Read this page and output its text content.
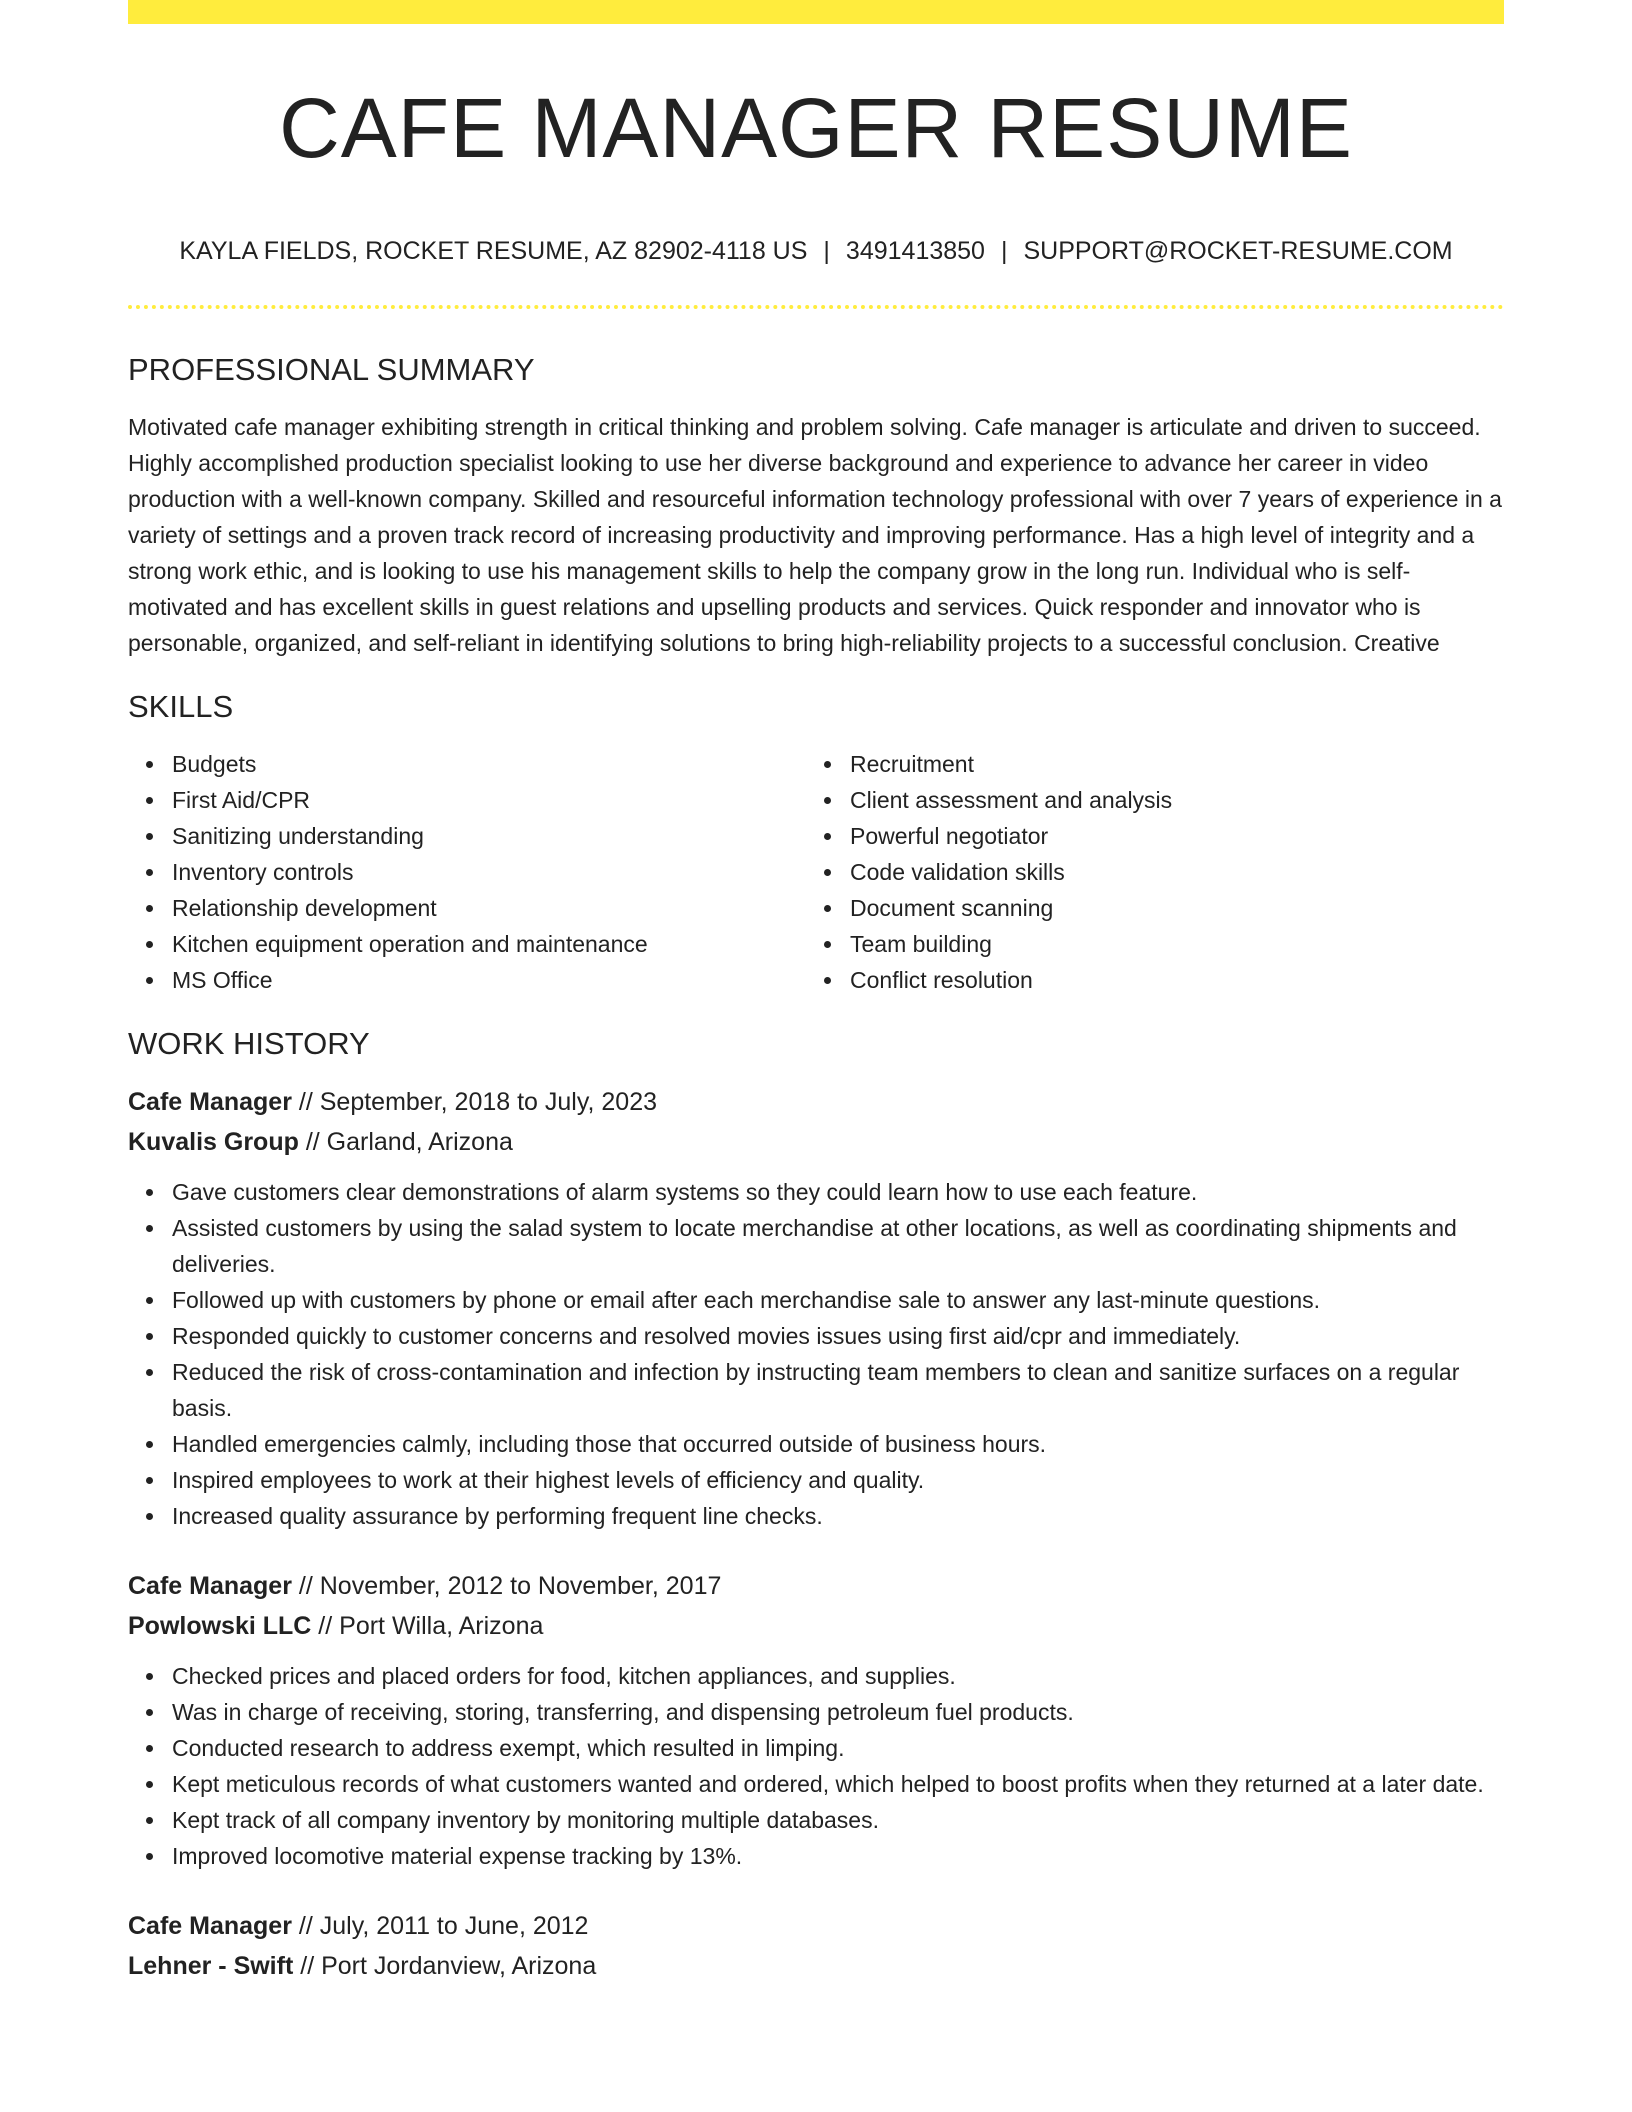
CAFE MANAGER RESUME
KAYLA FIELDS, ROCKET RESUME, AZ 82902-4118 US | 3491413850 | SUPPORT@ROCKET-RESUME.COM
PROFESSIONAL SUMMARY

Motivated cafe manager exhibiting strength in critical thinking and problem solving. Cafe manager is articulate and driven to succeed. Highly accomplished production specialist looking to use her diverse background and experience to advance her career in video production with a well-known company. Skilled and resourceful information technology professional with over 7 years of experience in a variety of settings and a proven track record of increasing productivity and improving performance. Has a high level of integrity and a strong work ethic, and is looking to use his management skills to help the company grow in the long run. Individual who is self-motivated and has excellent skills in guest relations and upselling products and services. Quick responder and innovator who is personable, organized, and self-reliant in identifying solutions to bring high-reliability projects to a successful conclusion. Creative

SKILLS
Budgets
First Aid/CPR
Sanitizing understanding
Inventory controls
Relationship development
Kitchen equipment operation and maintenance
MS Office
Recruitment
Client assessment and analysis
Powerful negotiator
Code validation skills
Document scanning
Team building
Conflict resolution
WORK HISTORY
Cafe Manager // September, 2018 to July, 2023
Kuvalis Group // Garland, Arizona
Gave customers clear demonstrations of alarm systems so they could learn how to use each feature.
Assisted customers by using the salad system to locate merchandise at other locations, as well as coordinating shipments and deliveries.
Followed up with customers by phone or email after each merchandise sale to answer any last-minute questions.
Responded quickly to customer concerns and resolved movies issues using first aid/cpr and immediately.
Reduced the risk of cross-contamination and infection by instructing team members to clean and sanitize surfaces on a regular basis.
Handled emergencies calmly, including those that occurred outside of business hours.
Inspired employees to work at their highest levels of efficiency and quality.
Increased quality assurance by performing frequent line checks.
Cafe Manager // November, 2012 to November, 2017
Powlowski LLC // Port Willa, Arizona
Checked prices and placed orders for food, kitchen appliances, and supplies.
Was in charge of receiving, storing, transferring, and dispensing petroleum fuel products.
Conducted research to address exempt, which resulted in limping.
Kept meticulous records of what customers wanted and ordered, which helped to boost profits when they returned at a later date.
Kept track of all company inventory by monitoring multiple databases.
Improved locomotive material expense tracking by 13%.
Cafe Manager // July, 2011 to June, 2012
Lehner - Swift // Port Jordanview, Arizona
